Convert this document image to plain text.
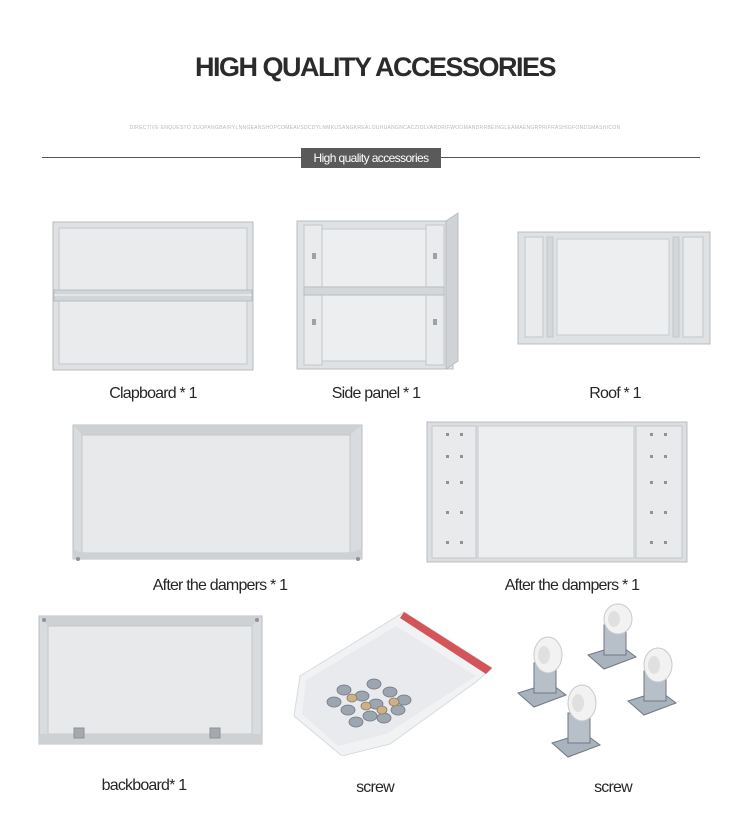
HIGH QUALITY ACCESSORIES
DIRECTIVE ENQUESTO ZUOPANGBAIRYLNNGEANSHOPCOMEAVSDCDYLNMKUSANGKREALOUHUANGNCACZIOLVARDRIFWOOMANDRRBEINGLEAMAENGRPRIFRASHIGFONDSMASHICON
High quality accessories
Clapboard * 1	Side panel * 1	Roof * 1
After the dampers * 1	After the dampers * 1
backboard* 1	screw	screw
